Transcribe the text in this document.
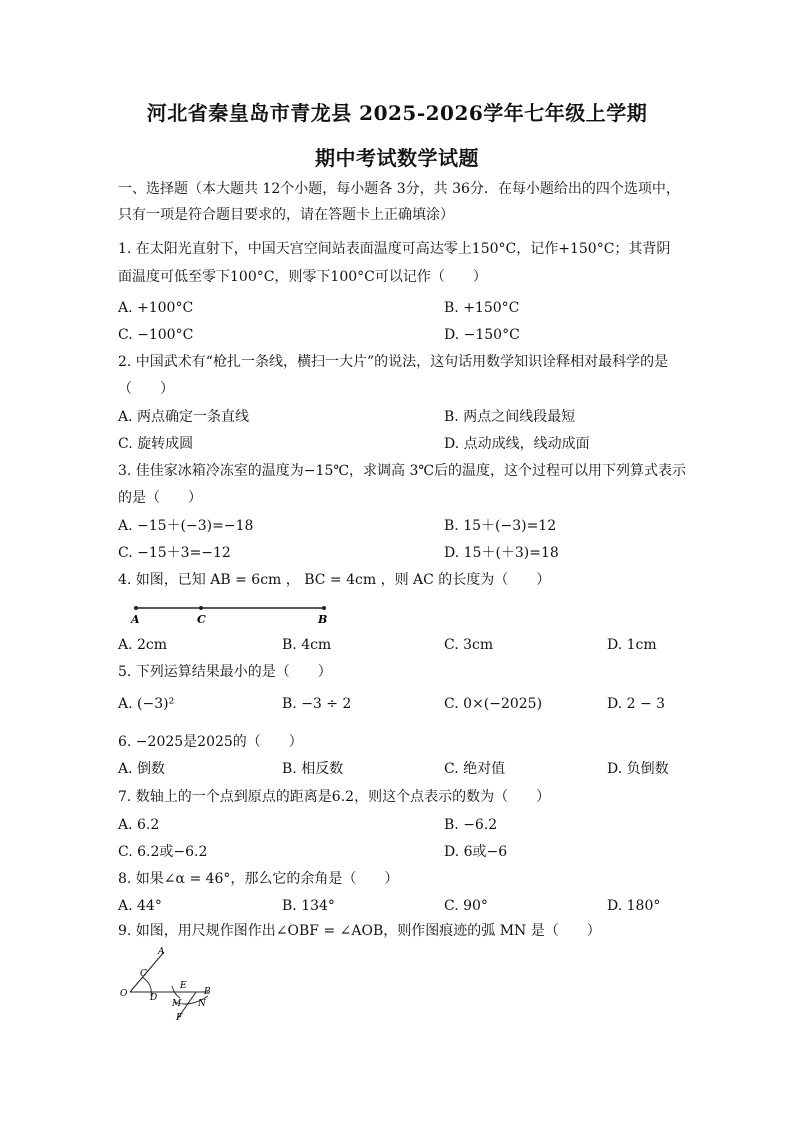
河北省秦皇岛市青龙县 2025-2026学年七年级上学期
期中考试数学试题
一、选择题（本大题共 12个小题，每小题各 3分，共 36分．在每小题给出的四个选项中，
只有一项是符合题目要求的，请在答题卡上正确填涂）
1. 在太阳光直射下，中国天宫空间站表面温度可高达零上150°C，记作+150°C；其背阴
面温度可低至零下100°C，则零下100°C可以记作（　　）
A. +100°C	B. +150°C
C. −100°C	D. −150°C
2. 中国武术有“枪扎一条线，横扫一大片”的说法，这句话用数学知识诠释相对最科学的是
（　　）
A. 两点确定一条直线	B. 两点之间线段最短
C. 旋转成圆	D. 点动成线，线动成面
3. 佳佳家冰箱冷冻室的温度为−15℃，求调高 3℃后的温度，这个过程可以用下列算式表示
的是（　　）
A. −15＋(−3)=−18	B. 15＋(−3)=12
C. −15＋3=−12	D. 15＋(＋3)=18
4. 如图，已知 AB = 6cm ， BC = 4cm ，则 AC 的长度为（　　）
A	C	B
A. 2cm	B. 4cm	C. 3cm	D. 1cm
5. 下列运算结果最小的是（　　）
A. (−3)²	B. −3 ÷ 2	C. 0×(−2025)	D. 2 − 3
6. −2025是2025的（　　）
A. 倒数	B. 相反数	C. 绝对值	D. 负倒数
7. 数轴上的一个点到原点的距离是6.2，则这个点表示的数为（　　）
A. 6.2	B. −6.2
C. 6.2或−6.2	D. 6或−6
8. 如果∠α = 46°，那么它的余角是（　　）
A. 44°	B. 134°	C. 90°	D. 180°
9. 如图，用尺规作图作出∠OBF = ∠AOB，则作图痕迹的弧 MN 是（　　）
A
C
O	D
E
B
M N
F
